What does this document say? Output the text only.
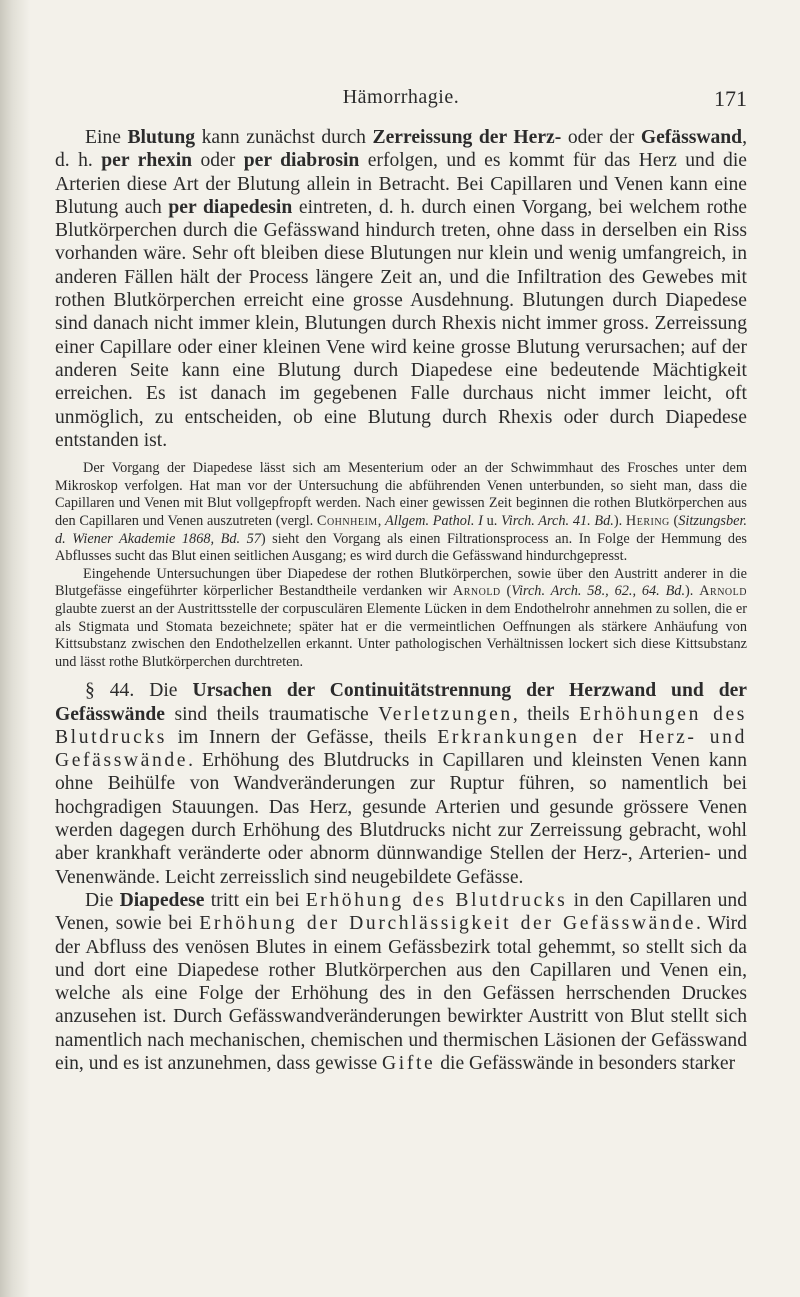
Hämorrhagie.	171

Eine Blutung kann zunächst durch Zerreissung der Herz- oder der Gefässwand, d. h. per rhexin oder per diabrosin erfolgen, und es kommt für das Herz und die Arterien diese Art der Blutung allein in Betracht. Bei Capillaren und Venen kann eine Blutung auch per diapedesin eintreten, d. h. durch einen Vorgang, bei welchem rothe Blutkörperchen durch die Gefässwand hindurch treten, ohne dass in derselben ein Riss vorhanden wäre. Sehr oft bleiben diese Blutungen nur klein und wenig umfangreich, in anderen Fällen hält der Process längere Zeit an, und die Infiltration des Gewebes mit rothen Blutkörperchen erreicht eine grosse Ausdehnung. Blutungen durch Diapedese sind danach nicht immer klein, Blutungen durch Rhexis nicht immer gross. Zerreissung einer Capillare oder einer kleinen Vene wird keine grosse Blutung verursachen; auf der anderen Seite kann eine Blutung durch Diapedese eine bedeutende Mächtigkeit erreichen. Es ist danach im gegebenen Falle durchaus nicht immer leicht, oft unmöglich, zu entscheiden, ob eine Blutung durch Rhexis oder durch Diapedese entstanden ist.

Der Vorgang der Diapedese lässt sich am Mesenterium oder an der Schwimmhaut des Frosches unter dem Mikroskop verfolgen. Hat man vor der Untersuchung die abführenden Venen unterbunden, so sieht man, dass die Capillaren und Venen mit Blut vollgepfropft werden. Nach einer gewissen Zeit beginnen die rothen Blutkörperchen aus den Capillaren und Venen auszutreten (vergl. Cohnheim, Allgem. Pathol. I u. Virch. Arch. 41. Bd.). Hering (Sitzungsber. d. Wiener Akademie 1868, Bd. 57) sieht den Vorgang als einen Filtrationsprocess an. In Folge der Hemmung des Abflusses sucht das Blut einen seitlichen Ausgang; es wird durch die Gefässwand hindurchgepresst.

Eingehende Untersuchungen über Diapedese der rothen Blutkörperchen, sowie über den Austritt anderer in die Blutgefässe eingeführter körperlicher Bestandtheile verdanken wir Arnold (Virch. Arch. 58., 62., 64. Bd.). Arnold glaubte zuerst an der Austrittsstelle der corpusculären Elemente Lücken in dem Endothelrohr annehmen zu sollen, die er als Stigmata und Stomata bezeichnete; später hat er die vermeintlichen Oeffnungen als stärkere Anhäufung von Kittsubstanz zwischen den Endothelzellen erkannt. Unter pathologischen Verhältnissen lockert sich diese Kittsubstanz und lässt rothe Blutkörperchen durchtreten.

§ 44. Die Ursachen der Continuitätstrennung der Herzwand und der Gefässwände sind theils traumatische Verletzungen, theils Erhöhungen des Blutdrucks im Innern der Gefässe, theils Erkrankungen der Herz- und Gefässwände. Erhöhung des Blutdrucks in Capillaren und kleinsten Venen kann ohne Beihülfe von Wandveränderungen zur Ruptur führen, so namentlich bei hochgradigen Stauungen. Das Herz, gesunde Arterien und gesunde grössere Venen werden dagegen durch Erhöhung des Blutdrucks nicht zur Zerreissung gebracht, wohl aber krankhaft veränderte oder abnorm dünnwandige Stellen der Herz-, Arterien- und Venenwände. Leicht zerreisslich sind neugebildete Gefässe.

Die Diapedese tritt ein bei Erhöhung des Blutdrucks in den Capillaren und Venen, sowie bei Erhöhung der Durchlässigkeit der Gefässwände. Wird der Abfluss des venösen Blutes in einem Gefässbezirk total gehemmt, so stellt sich da und dort eine Diapedese rother Blutkörperchen aus den Capillaren und Venen ein, welche als eine Folge der Erhöhung des in den Gefässen herrschenden Druckes anzusehen ist. Durch Gefässwandveränderungen bewirkter Austritt von Blut stellt sich namentlich nach mechanischen, chemischen und thermischen Läsionen der Gefässwand ein, und es ist anzunehmen, dass gewisse Gifte die Gefässwände in besonders starker
